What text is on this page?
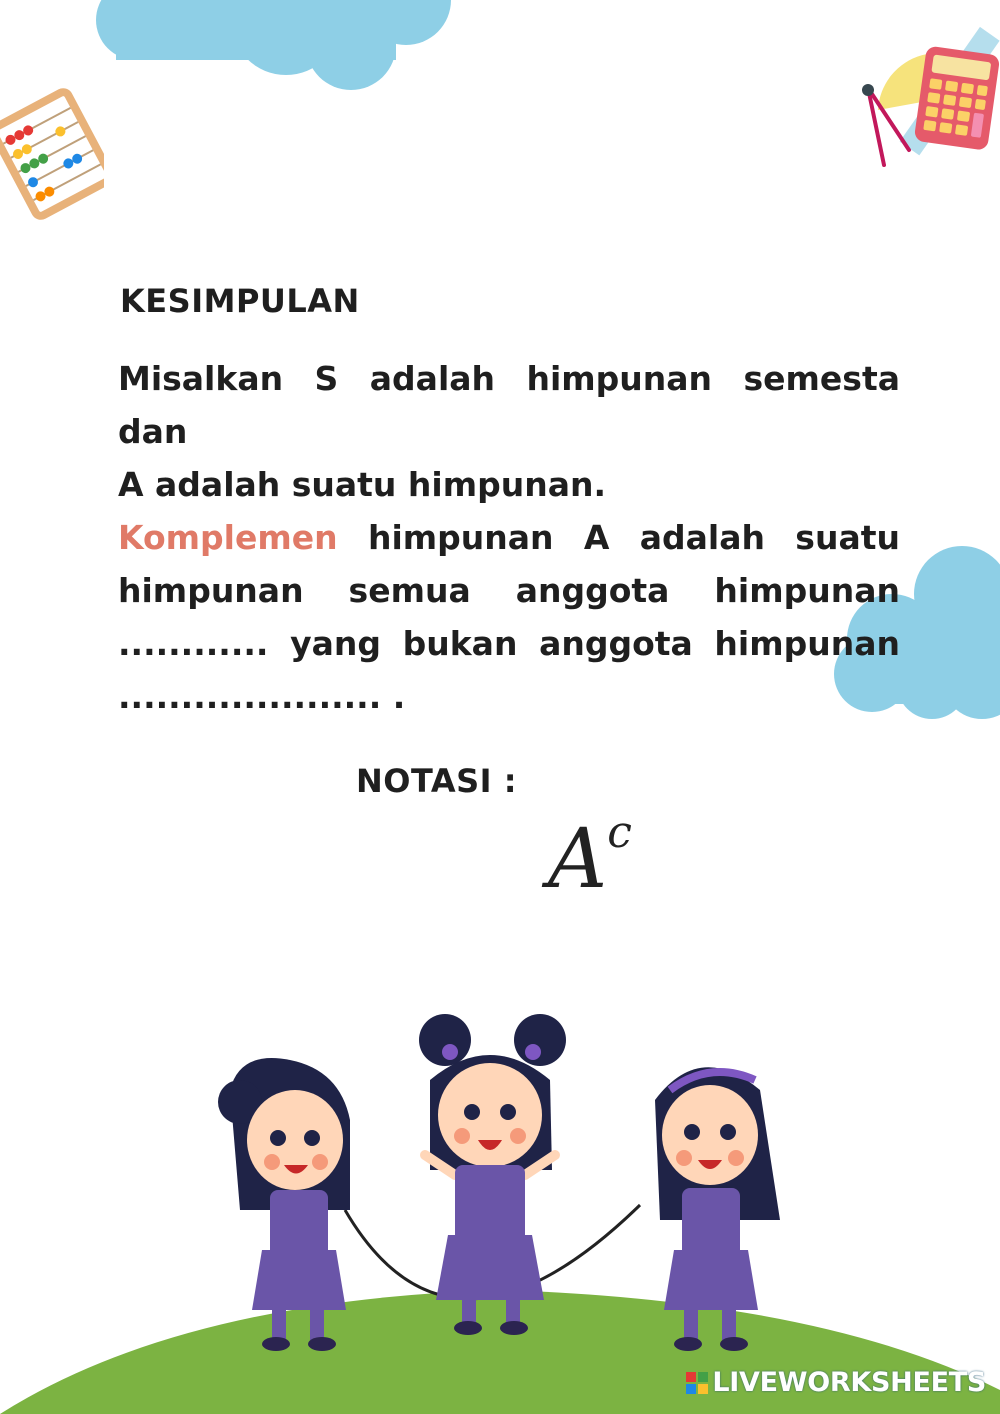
KESIMPULAN
Misalkan S adalah himpunan semesta dan
A adalah suatu himpunan.
Komplemen himpunan A adalah suatu
himpunan semua anggota himpunan
............ yang bukan anggota himpunan
..................... .
NOTASI :
$A^c$
LIVEWORKSHEETS
